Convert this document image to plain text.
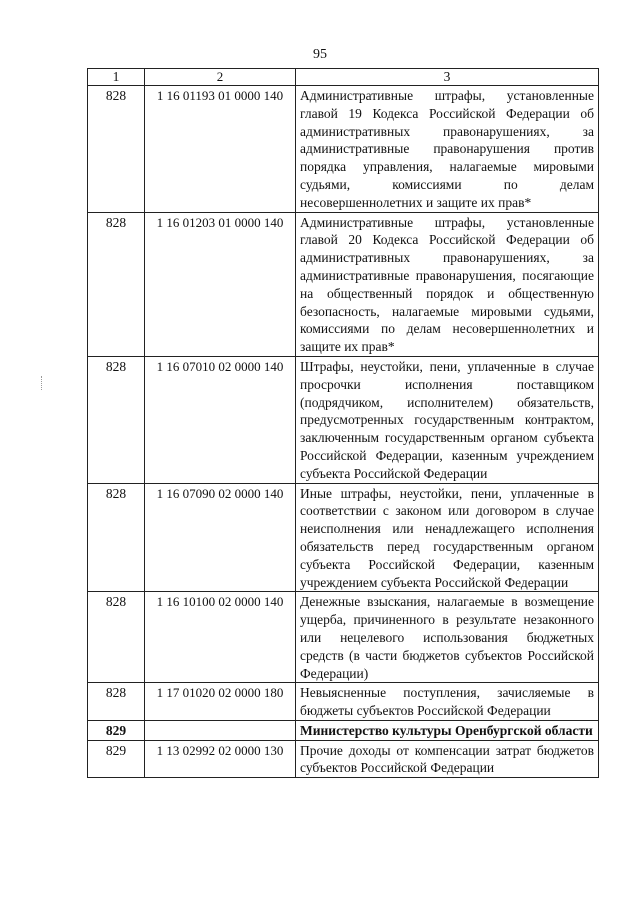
95
1	2	3
828	1 16 01193 01 0000 140	Административные штрафы, установленные главой 19 Кодекса Российской Федерации об административных правонарушениях, за административные правонарушения против порядка управления, налагаемые мировыми судьями, комиссиями по делам несовершеннолетних и защите их прав*
828	1 16 01203 01 0000 140	Административные штрафы, установленные главой 20 Кодекса Российской Федерации об административных правонарушениях, за административные правонарушения, посягающие на общественный порядок и общественную безопасность, налагаемые мировыми судьями, комиссиями по делам несовершеннолетних и защите их прав*
828	1 16 07010 02 0000 140	Штрафы, неустойки, пени, уплаченные в случае просрочки исполнения поставщиком (подрядчиком, исполнителем) обязательств, предусмотренных государственным контрактом, заключенным государственным органом субъекта Российской Федерации, казенным учреждением субъекта Российской Федерации
828	1 16 07090 02 0000 140	Иные штрафы, неустойки, пени, уплаченные в соответствии с законом или договором в случае неисполнения или ненадлежащего исполнения обязательств перед государственным органом субъекта Российской Федерации, казенным учреждением субъекта Российской Федерации
828	1 16 10100 02 0000 140	Денежные взыскания, налагаемые в возмещение ущерба, причиненного в результате незаконного или нецелевого использования бюджетных средств (в части бюджетов субъектов Российской Федерации)
828	1 17 01020 02 0000 180	Невыясненные поступления, зачисляемые в бюджеты субъектов Российской Федерации
829		Министерство культуры Оренбургской области
829	1 13 02992 02 0000 130	Прочие доходы от компенсации затрат бюджетов субъектов Российской Федерации
